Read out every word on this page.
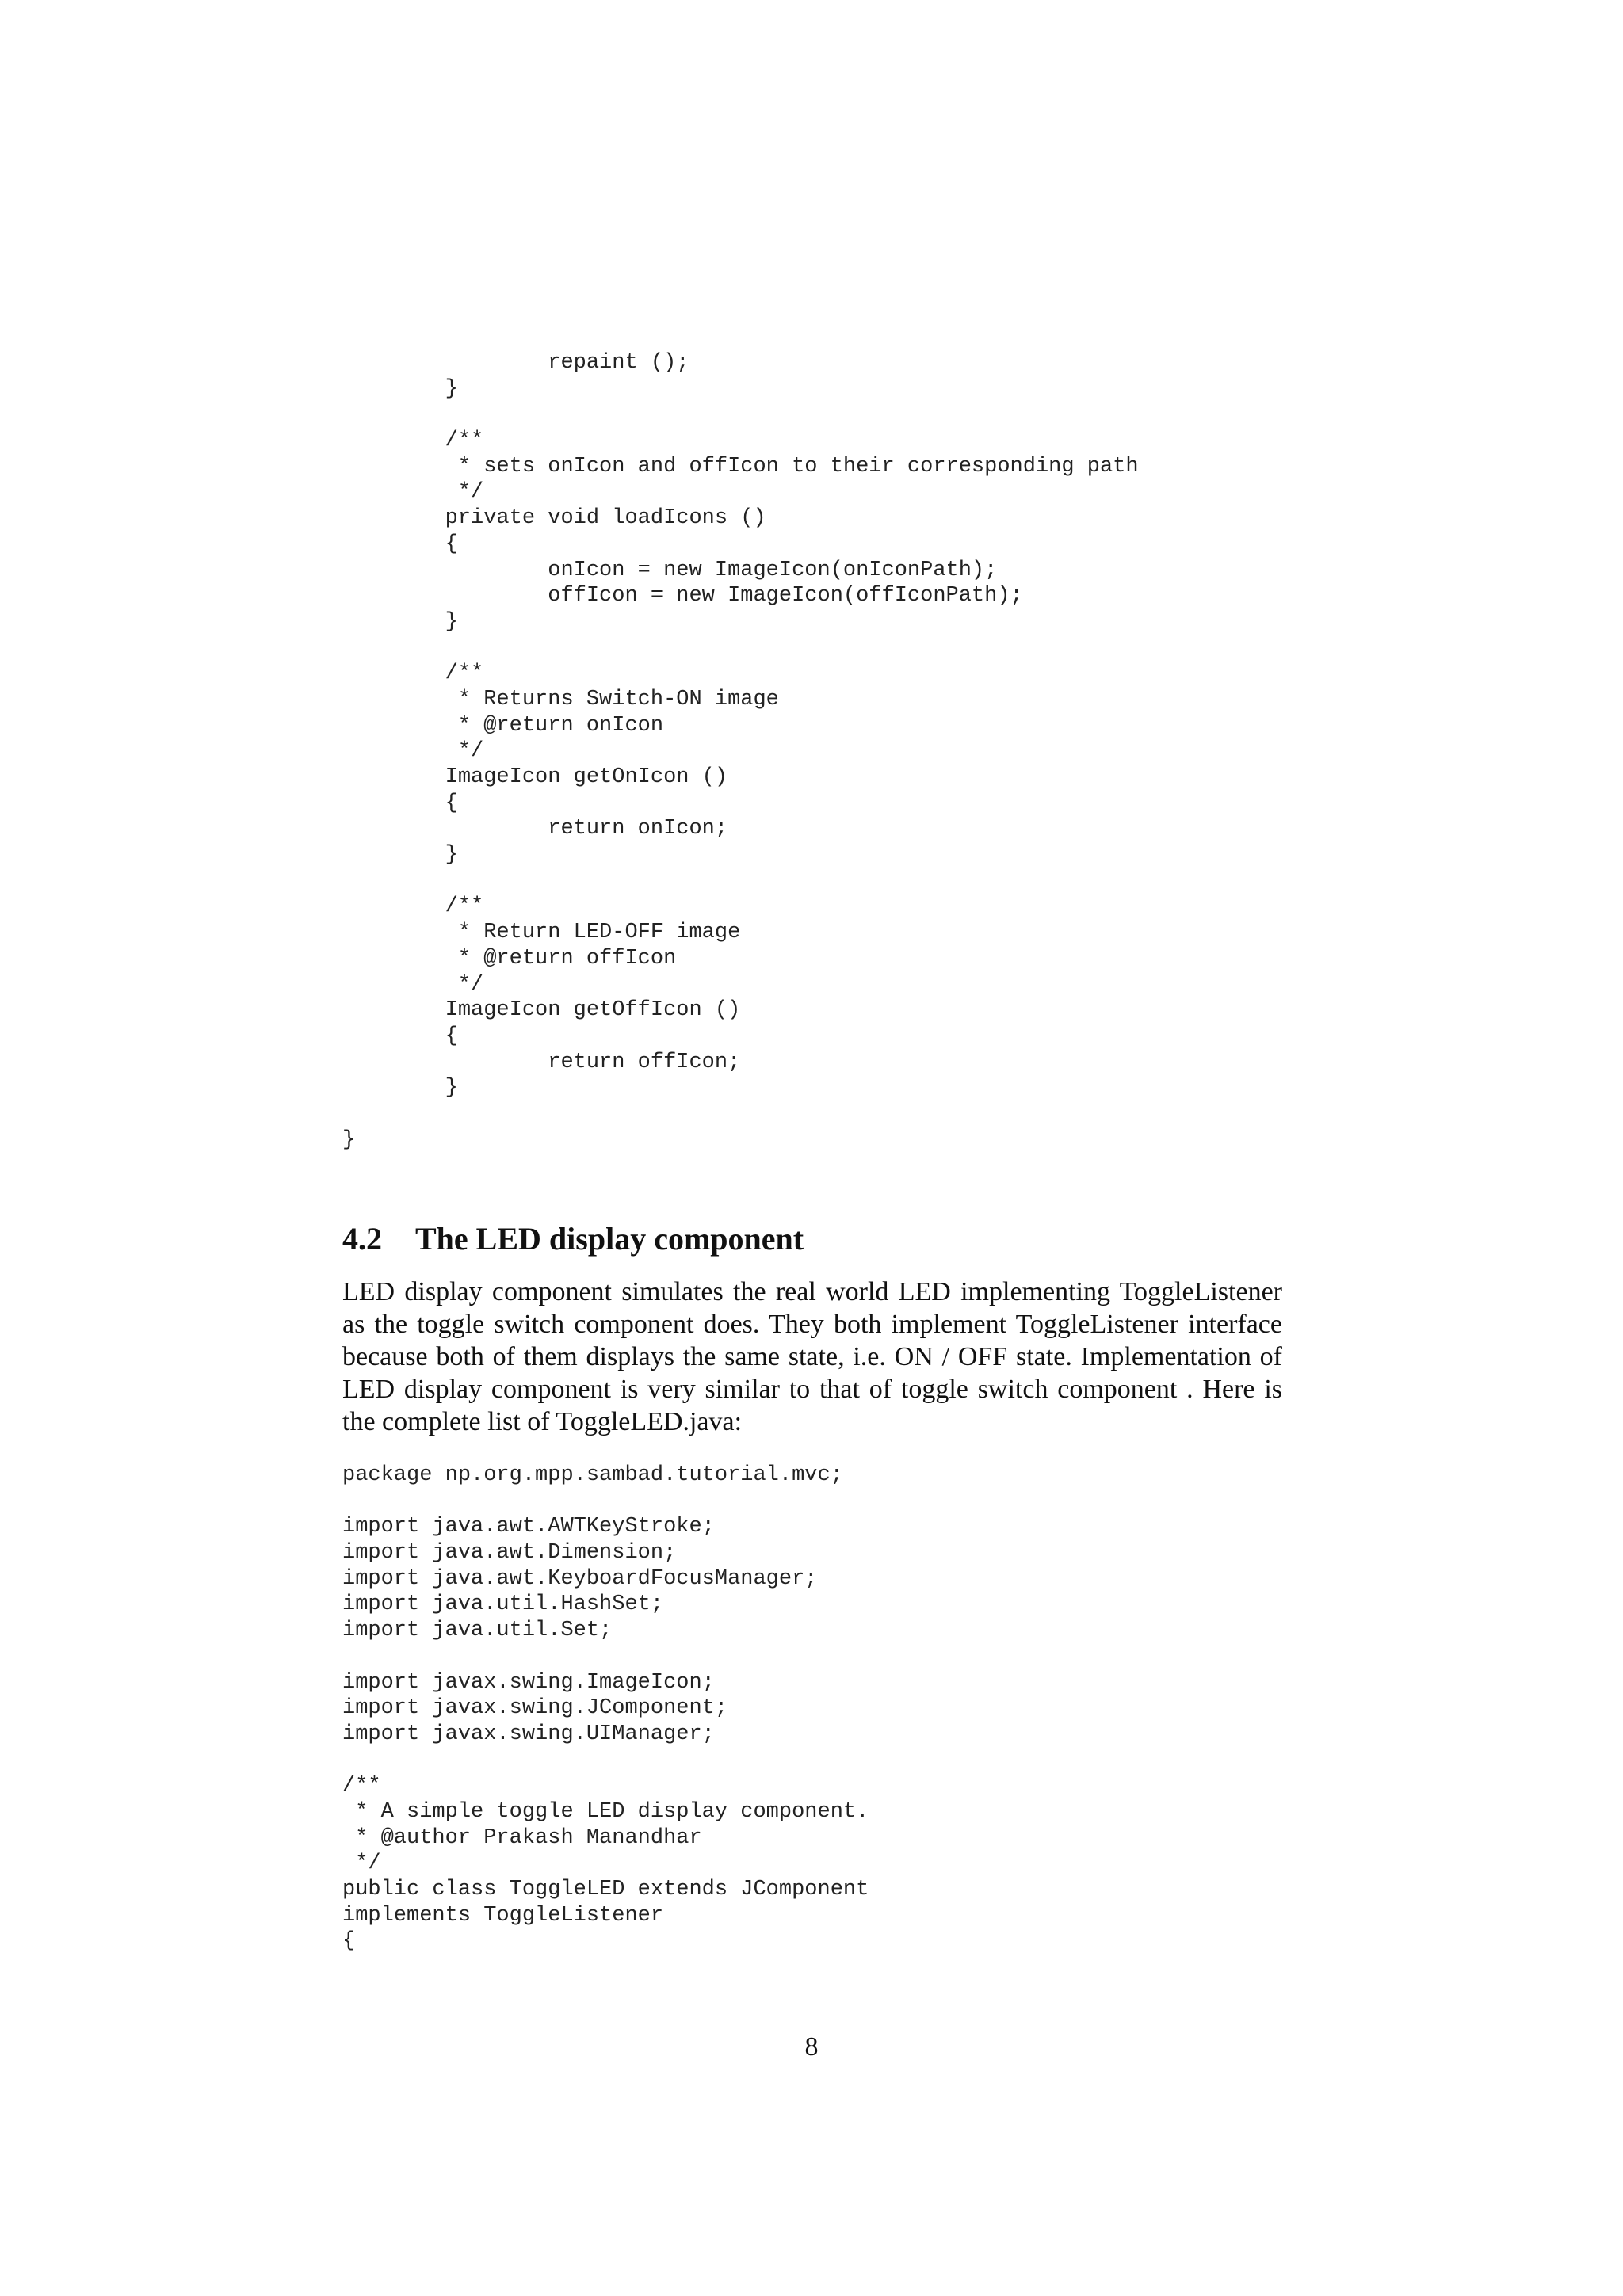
repaint ();
}
/**
* sets onIcon and offIcon to their corresponding path
*/
private void loadIcons ()
{
onIcon = new ImageIcon(onIconPath);
offIcon = new ImageIcon(offIconPath);
}
/**
* Returns Switch-ON image
* @return onIcon
*/
ImageIcon getOnIcon ()
{
return onIcon;
}
/**
* Return LED-OFF image
* @return offIcon
*/
ImageIcon getOffIcon ()
{
return offIcon;
}
}
4.2 The LED display component
LED display component simulates the real world LED implementing ToggleListener
as the toggle switch component does. They both implement ToggleListener interface
because both of them displays the same state, i.e. ON / OFF state. Implementation of
LED display component is very similar to that of toggle switch component . Here is
the complete list of ToggleLED.java:
package np.org.mpp.sambad.tutorial.mvc;
import java.awt.AWTKeyStroke;
import java.awt.Dimension;
import java.awt.KeyboardFocusManager;
import java.util.HashSet;
import java.util.Set;
import javax.swing.ImageIcon;
import javax.swing.JComponent;
import javax.swing.UIManager;
/**
* A simple toggle LED display component.
* @author Prakash Manandhar
*/
public class ToggleLED extends JComponent
implements ToggleListener
{
8
